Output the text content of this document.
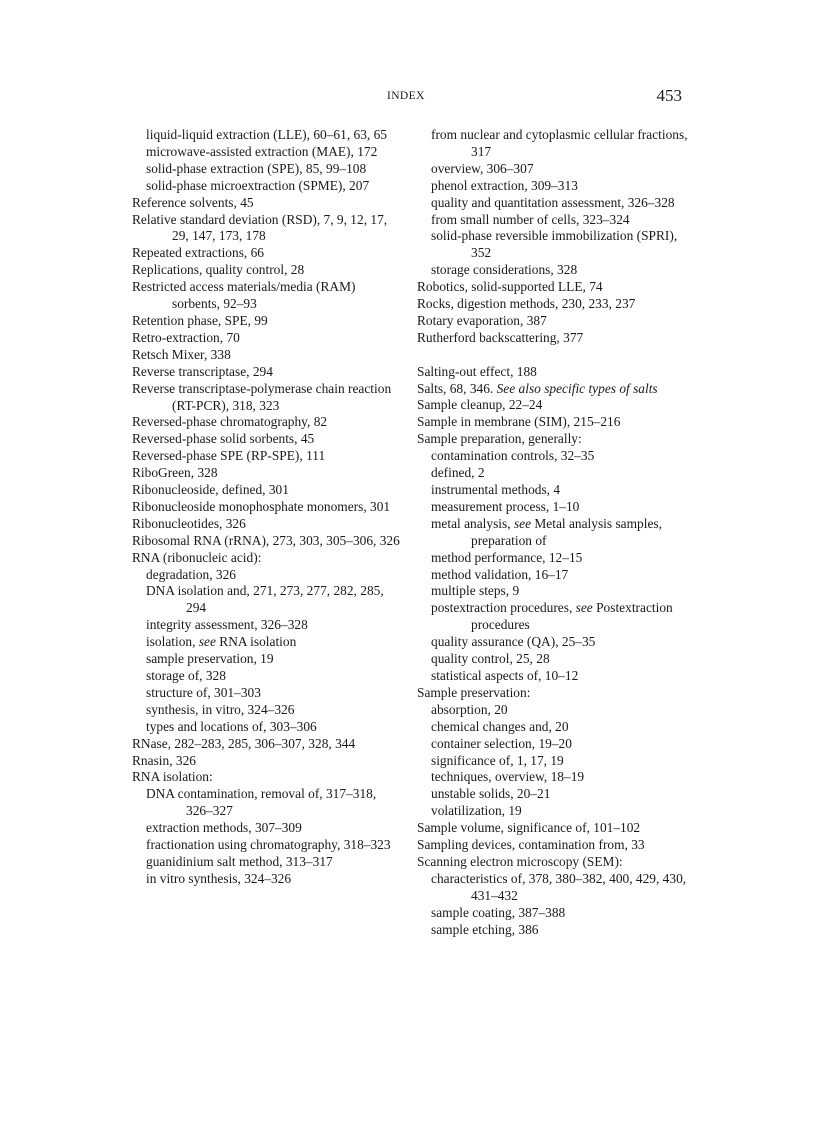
INDEX	453
liquid-liquid extraction (LLE), 60–61, 63, 65
microwave-assisted extraction (MAE), 172
solid-phase extraction (SPE), 85, 99–108
solid-phase microextraction (SPME), 207
Reference solvents, 45
Relative standard deviation (RSD), 7, 9, 12, 17, 29, 147, 173, 178
Repeated extractions, 66
Replications, quality control, 28
Restricted access materials/media (RAM) sorbents, 92–93
Retention phase, SPE, 99
Retro-extraction, 70
Retsch Mixer, 338
Reverse transcriptase, 294
Reverse transcriptase-polymerase chain reaction (RT-PCR), 318, 323
Reversed-phase chromatography, 82
Reversed-phase solid sorbents, 45
Reversed-phase SPE (RP-SPE), 111
RiboGreen, 328
Ribonucleoside, defined, 301
Ribonucleoside monophosphate monomers, 301
Ribonucleotides, 326
Ribosomal RNA (rRNA), 273, 303, 305–306, 326
RNA (ribonucleic acid):
degradation, 326
DNA isolation and, 271, 273, 277, 282, 285, 294
integrity assessment, 326–328
isolation, see RNA isolation
sample preservation, 19
storage of, 328
structure of, 301–303
synthesis, in vitro, 324–326
types and locations of, 303–306
RNase, 282–283, 285, 306–307, 328, 344
Rnasin, 326
RNA isolation:
DNA contamination, removal of, 317–318, 326–327
extraction methods, 307–309
fractionation using chromatography, 318–323
guanidinium salt method, 313–317
in vitro synthesis, 324–326
from nuclear and cytoplasmic cellular fractions, 317
overview, 306–307
phenol extraction, 309–313
quality and quantitation assessment, 326–328
from small number of cells, 323–324
solid-phase reversible immobilization (SPRI), 352
storage considerations, 328
Robotics, solid-supported LLE, 74
Rocks, digestion methods, 230, 233, 237
Rotary evaporation, 387
Rutherford backscattering, 377
Salting-out effect, 188
Salts, 68, 346. See also specific types of salts
Sample cleanup, 22–24
Sample in membrane (SIM), 215–216
Sample preparation, generally:
contamination controls, 32–35
defined, 2
instrumental methods, 4
measurement process, 1–10
metal analysis, see Metal analysis samples, preparation of
method performance, 12–15
method validation, 16–17
multiple steps, 9
postextraction procedures, see Postextraction procedures
quality assurance (QA), 25–35
quality control, 25, 28
statistical aspects of, 10–12
Sample preservation:
absorption, 20
chemical changes and, 20
container selection, 19–20
significance of, 1, 17, 19
techniques, overview, 18–19
unstable solids, 20–21
volatilization, 19
Sample volume, significance of, 101–102
Sampling devices, contamination from, 33
Scanning electron microscopy (SEM):
characteristics of, 378, 380–382, 400, 429, 430, 431–432
sample coating, 387–388
sample etching, 386
